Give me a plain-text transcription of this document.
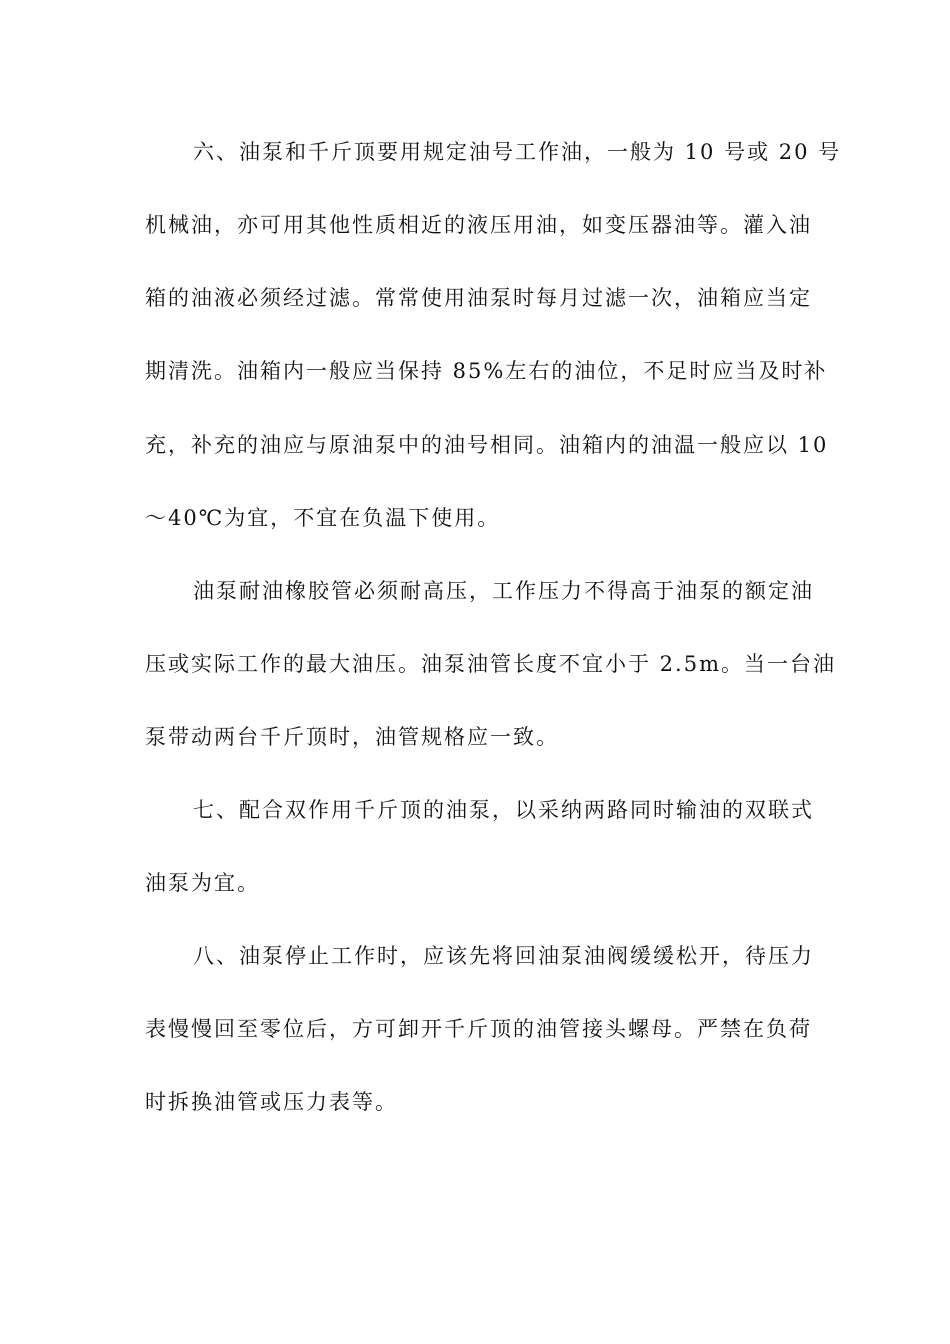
六、油泵和千斤顶要用规定油号工作油，一般为 10 号或 20 号
机械油，亦可用其他性质相近的液压用油，如变压器油等。灌入油
箱的油液必须经过滤。常常使用油泵时每月过滤一次，油箱应当定
期清洗。油箱内一般应当保持 85%左右的油位，不足时应当及时补
充，补充的油应与原油泵中的油号相同。油箱内的油温一般应以 10
～40℃为宜，不宜在负温下使用。
油泵耐油橡胶管必须耐高压，工作压力不得高于油泵的额定油
压或实际工作的最大油压。油泵油管长度不宜小于 2.5m。当一台油
泵带动两台千斤顶时，油管规格应一致。
七、配合双作用千斤顶的油泵，以采纳两路同时输油的双联式
油泵为宜。
八、油泵停止工作时，应该先将回油泵油阀缓缓松开，待压力
表慢慢回至零位后，方可卸开千斤顶的油管接头螺母。严禁在负荷
时拆换油管或压力表等。
